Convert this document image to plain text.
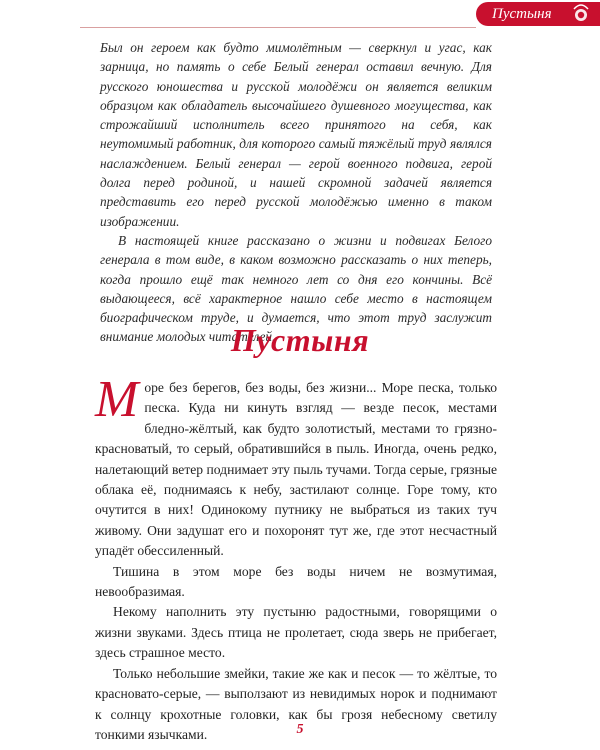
Пустыня

Был он героем как будто мимолётным — сверкнул и угас, как зарница, но память о себе Белый генерал оставил вечную. Для русского юношества и русской молодёжи он является великим образцом как обладатель высочайшего душевного могущества, как строжайший исполнитель всего принятого на себя, как неутомимый работник, для которого самый тяжёлый труд являлся наслаждением. Белый генерал — герой военного подвига, герой долга перед родиной, и нашей скромной задачей является представить его перед русской молодёжью именно в таком изображении.

В настоящей книге рассказано о жизни и подвигах Белого генерала в том виде, в каком возможно рассказать о них теперь, когда прошло ещё так немного лет со дня его кончины. Всё выдающееся, всё характерное нашло себе место в настоящем биографическом труде, и думается, что этот труд заслужит внимание молодых читателей.

Пустыня

Море без берегов, без воды, без жизни... Море песка, только песка. Куда ни кинуть взгляд — везде песок, местами бледно-жёлтый, как будто золотистый, местами то грязно-красноватый, то серый, обратившийся в пыль. Иногда, очень редко, налетающий ветер поднимает эту пыль тучами. Тогда серые, грязные облака её, поднимаясь к небу, застилают солнце. Горе тому, кто очутится в них! Одинокому путнику не выбраться из таких туч живому. Они задушат его и похоронят тут же, где этот несчастный упадёт обессиленный.

Тишина в этом море без воды ничем не возмутимая, невообразимая.

Некому наполнить эту пустыню радостными, говорящими о жизни звуками. Здесь птица не пролетает, сюда зверь не прибегает, здесь страшное место.

Только небольшие змейки, такие же как и песок — то жёлтые, то красновато-серые, — выползают из невидимых норок и поднимают к солнцу крохотные головки, как бы грозя небесному светилу тонкими язычками.	5
